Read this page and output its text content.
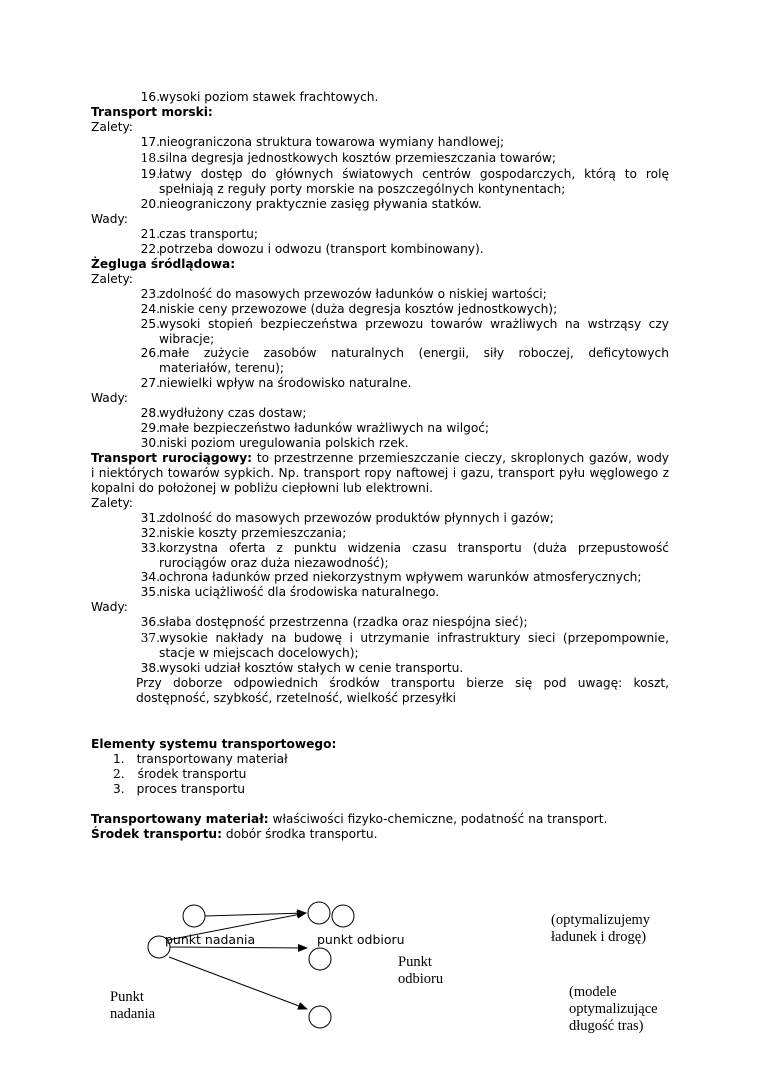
16. wysoki poziom stawek frachtowych.
Transport morski:
Zalety:
17. nieograniczona struktura towarowa wymiany handlowej;
18. silna degresja jednostkowych kosztów przemieszczania towarów;
19. łatwy dostęp do głównych światowych centrów gospodarczych, którą to rolę spełniają z reguły porty morskie na poszczególnych kontynentach;
20. nieograniczony praktycznie zasięg pływania statków.
Wady:
21. czas transportu;
22. potrzeba dowozu i odwozu (transport kombinowany).
Żegluga śródlądowa:
Zalety:
23. zdolność do masowych przewozów ładunków o niskiej wartości;
24. niskie ceny przewozowe (duża degresja kosztów jednostkowych);
25. wysoki stopień bezpieczeństwa przewozu towarów wrażliwych na wstrząsy czy wibracje;
26. małe zużycie zasobów naturalnych (energii, siły roboczej, deficytowych materiałów, terenu);
27. niewielki wpływ na środowisko naturalne.
Wady:
28. wydłużony czas dostaw;
29. małe bezpieczeństwo ładunków wrażliwych na wilgoć;
30. niski poziom uregulowania polskich rzek.
Transport rurociągowy: to przestrzenne przemieszczanie cieczy, skroplonych gazów, wody i niektórych towarów sypkich. Np. transport ropy naftowej i gazu, transport pyłu węglowego z kopalni do położonej w pobliżu ciepłowni lub elektrowni.
Zalety:
31. zdolność do masowych przewozów produktów płynnych i gazów;
32. niskie koszty przemieszczania;
33. korzystna oferta z punktu widzenia czasu transportu (duża przepustowość rurociągów oraz duża niezawodność);
34. ochrona ładunków przed niekorzystnym wpływem warunków atmosferycznych;
35. niska uciążliwość dla środowiska naturalnego.
Wady:
36. słaba dostępność przestrzenna (rzadka oraz niespójna sieć);
37. wysokie nakłady na budowę i utrzymanie infrastruktury sieci (przepompownie, stacje w miejscach docelowych);
38. wysoki udział kosztów stałych w cenie transportu.
Przy doborze odpowiednich środków transportu bierze się pod uwagę: koszt, dostępność, szybkość, rzetelność, wielkość przesyłki
Elementy systemu transportowego:
1. transportowany materiał
2. środek transportu
3. proces transportu
Transportowany materiał: właściwości fizyko-chemiczne, podatność na transport.
Środek transportu: dobór środka transportu.
punkt nadania	punkt odbioru
Punkt
odbioru
Punkt
nadania
(optymalizujemy
ładunek i drogę)
(modele
optymalizujące
długość tras)
